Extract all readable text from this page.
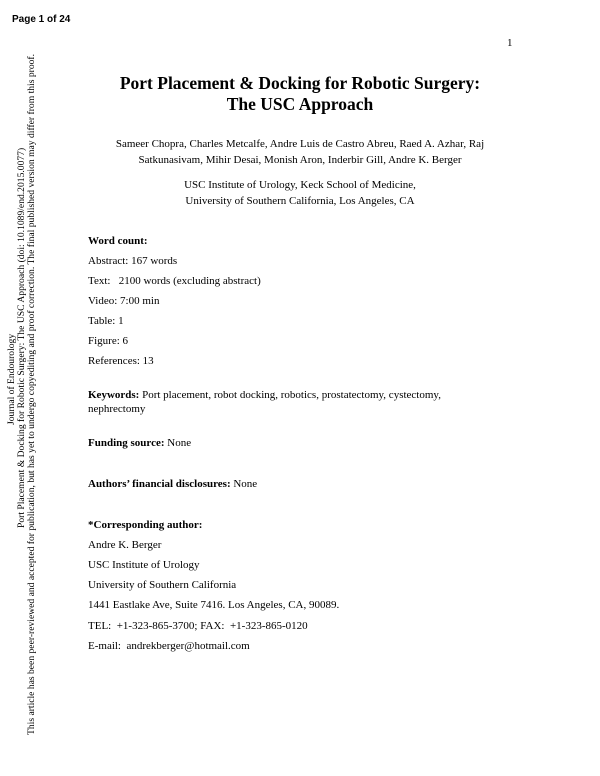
Page 1 of 24
1
Journal of Endourology Port Placement & Docking for Robotic Surgery: The USC Approach (doi: 10.1089/end.2015.0077) This article has been peer-reviewed and accepted for publication, but has yet to undergo copyediting and proof correction. The final published version may differ from this proof.	Port Placement & Docking for Robotic Surgery:
The USC Approach
Sameer Chopra, Charles Metcalfe, Andre Luis de Castro Abreu, Raed A. Azhar, Raj
Satkunasivam, Mihir Desai, Monish Aron, Inderbir Gill, Andre K. Berger
USC Institute of Urology, Keck School of Medicine,
University of Southern California, Los Angeles, CA
Word count:
Abstract: 167 words
Text:   2100 words (excluding abstract)
Video: 7:00 min
Table: 1
Figure: 6
References: 13
Keywords: Port placement, robot docking, robotics, prostatectomy, cystectomy, nephrectomy
Funding source: None
Authors’ financial disclosures: None
*Corresponding author:
Andre K. Berger
USC Institute of Urology
University of Southern California
1441 Eastlake Ave, Suite 7416. Los Angeles, CA, 90089.
TEL:  +1-323-865-3700; FAX:  +1-323-865-0120
E-mail:  andrekberger@hotmail.com
